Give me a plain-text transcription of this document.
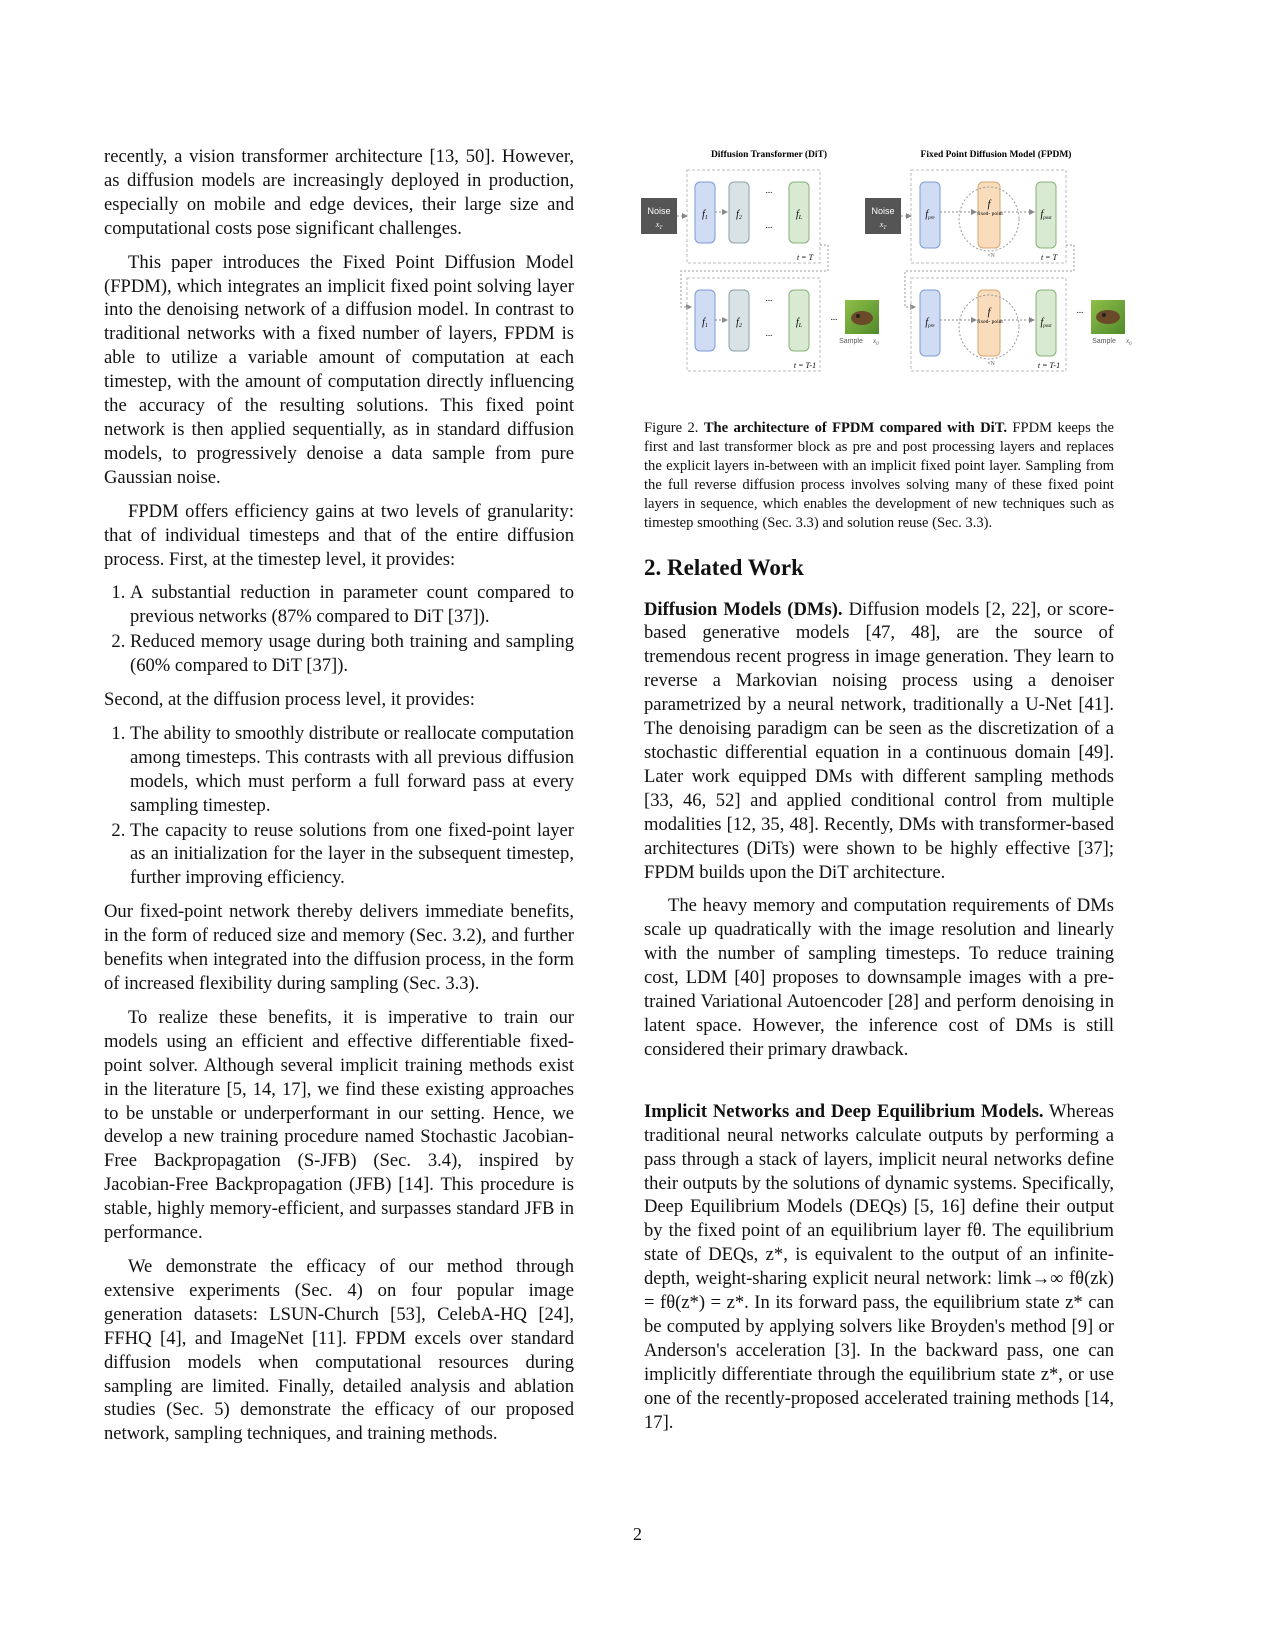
recently, a vision transformer architecture [13, 50]. However, as diffusion models are increasingly deployed in production, especially on mobile and edge devices, their large size and computational costs pose significant challenges.

This paper introduces the Fixed Point Diffusion Model (FPDM), which integrates an implicit fixed point solving layer into the denoising network of a diffusion model. In contrast to traditional networks with a fixed number of layers, FPDM is able to utilize a variable amount of computation at each timestep, with the amount of computation directly influencing the accuracy of the resulting solutions. This fixed point network is then applied sequentially, as in standard diffusion models, to progressively denoise a data sample from pure Gaussian noise.

FPDM offers efficiency gains at two levels of granularity: that of individual timesteps and that of the entire diffusion process. First, at the timestep level, it provides:

1. A substantial reduction in parameter count compared to previous networks (87% compared to DiT [37]).
2. Reduced memory usage during both training and sampling (60% compared to DiT [37]).

Second, at the diffusion process level, it provides:

1. The ability to smoothly distribute or reallocate computation among timesteps. This contrasts with all previous diffusion models, which must perform a full forward pass at every sampling timestep.
2. The capacity to reuse solutions from one fixed-point layer as an initialization for the layer in the subsequent timestep, further improving efficiency.

Our fixed-point network thereby delivers immediate benefits, in the form of reduced size and memory (Sec. 3.2), and further benefits when integrated into the diffusion process, in the form of increased flexibility during sampling (Sec. 3.3).

To realize these benefits, it is imperative to train our models using an efficient and effective differentiable fixed-point solver. Although several implicit training methods exist in the literature [5, 14, 17], we find these existing approaches to be unstable or underperformant in our setting. Hence, we develop a new training procedure named Stochastic Jacobian-Free Backpropagation (S-JFB) (Sec. 3.4), inspired by Jacobian-Free Backpropagation (JFB) [14]. This procedure is stable, highly memory-efficient, and surpasses standard JFB in performance.

We demonstrate the efficacy of our method through extensive experiments (Sec. 4) on four popular image generation datasets: LSUN-Church [53], CelebA-HQ [24], FFHQ [4], and ImageNet [11]. FPDM excels over standard diffusion models when computational resources during sampling are limited. Finally, detailed analysis and ablation studies (Sec. 5) demonstrate the efficacy of our proposed network, sampling techniques, and training methods.

Diffusion Transformer (DiT)	Fixed Point Diffusion Model (FPDM)
Noise
$x_T$
$f_1$	$f_2$	$f_L$
...
...
t = T
$f_1$	$f_2$	$f_L$
...
...
t = T-1
...
Sample $x_0$
Noise
$x_T$
$f_{pre}$
f
fixed- point	$f_{post}$
×N	t = T
$f_{pre}$
f
fixed- point	$f_{post}$
×N	t = T-1
...
Sample $x_0$

Figure 2. The architecture of FPDM compared with DiT. FPDM keeps the first and last transformer block as pre and post processing layers and replaces the explicit layers in-between with an implicit fixed point layer. Sampling from the full reverse diffusion process involves solving many of these fixed point layers in sequence, which enables the development of new techniques such as timestep smoothing (Sec. 3.3) and solution reuse (Sec. 3.3).

2. Related Work

Diffusion Models (DMs). Diffusion models [2, 22], or score-based generative models [47, 48], are the source of tremendous recent progress in image generation. They learn to reverse a Markovian noising process using a denoiser parametrized by a neural network, traditionally a U-Net [41]. The denoising paradigm can be seen as the discretization of a stochastic differential equation in a continuous domain [49]. Later work equipped DMs with different sampling methods [33, 46, 52] and applied conditional control from multiple modalities [12, 35, 48]. Recently, DMs with transformer-based architectures (DiTs) were shown to be highly effective [37]; FPDM builds upon the DiT architecture.

The heavy memory and computation requirements of DMs scale up quadratically with the image resolution and linearly with the number of sampling timesteps. To reduce training cost, LDM [40] proposes to downsample images with a pre-trained Variational Autoencoder [28] and perform denoising in latent space. However, the inference cost of DMs is still considered their primary drawback.

Implicit Networks and Deep Equilibrium Models. Whereas traditional neural networks calculate outputs by performing a pass through a stack of layers, implicit neural networks define their outputs by the solutions of dynamic systems. Specifically, Deep Equilibrium Models (DEQs) [5, 16] define their output by the fixed point of an equilibrium layer fθ. The equilibrium state of DEQs, z*, is equivalent to the output of an infinite-depth, weight-sharing explicit neural network: limk→∞ fθ(zk) = fθ(z*) = z*. In its forward pass, the equilibrium state z* can be computed by applying solvers like Broyden's method [9] or Anderson's acceleration [3]. In the backward pass, one can implicitly differentiate through the equilibrium state z*, or use one of the recently-proposed accelerated training methods [14, 17].

2
